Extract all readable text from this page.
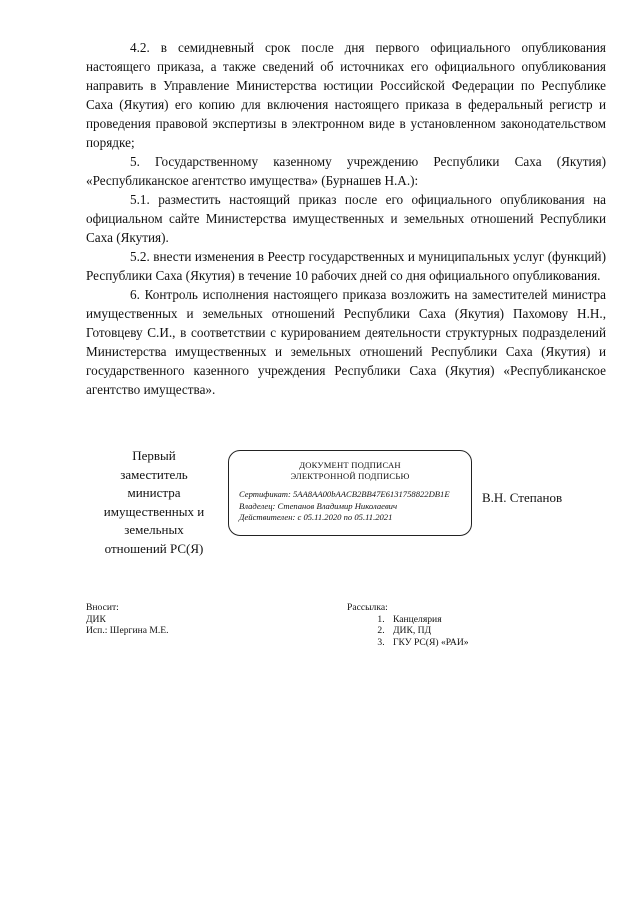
4.2. в семидневный срок после дня первого официального опубликования настоящего приказа, а также сведений об источниках его официального опубликования направить в Управление Министерства юстиции Российской Федерации по Республике Саха (Якутия) его копию для включения настоящего приказа в федеральный регистр и проведения правовой экспертизы в электронном виде в установленном законодательством порядке;

5. Государственному казенному учреждению Республики Саха (Якутия) «Республиканское агентство имущества» (Бурнашев Н.А.):

5.1. разместить настоящий приказ после его официального опубликования на официальном сайте Министерства имущественных и земельных отношений Республики Саха (Якутия).

5.2. внести изменения в Реестр государственных и муниципальных услуг (функций) Республики Саха (Якутия) в течение 10 рабочих дней со дня официального опубликования.

6. Контроль исполнения настоящего приказа возложить на заместителей министра имущественных и земельных отношений Республики Саха (Якутия) Пахомову Н.Н., Готовцеву С.И., в соответствии с курированием деятельности структурных подразделений Министерства имущественных и земельных отношений Республики Саха (Якутия) и государственного казенного учреждения Республики Саха (Якутия) «Республиканское агентство имущества».

Первый
заместитель
министра
имущественных и
земельных
отношений РС(Я)
ДОКУМЕНТ ПОДПИСАН
ЭЛЕКТРОННОЙ ПОДПИСЬЮ
Сертификат: 5AA8AA00bAACB2BB47E6131758822DB1E
Владелец: Степанов Владимир Николаевич
Действителен: с 05.11.2020 по 05.11.2021
В.Н. Степанов
Вносит:
ДИК
Исп.: Шергина М.Е.
Рассылка:
1. Канцелярия
2. ДИК, ПД
3. ГКУ РС(Я) «РАИ»
